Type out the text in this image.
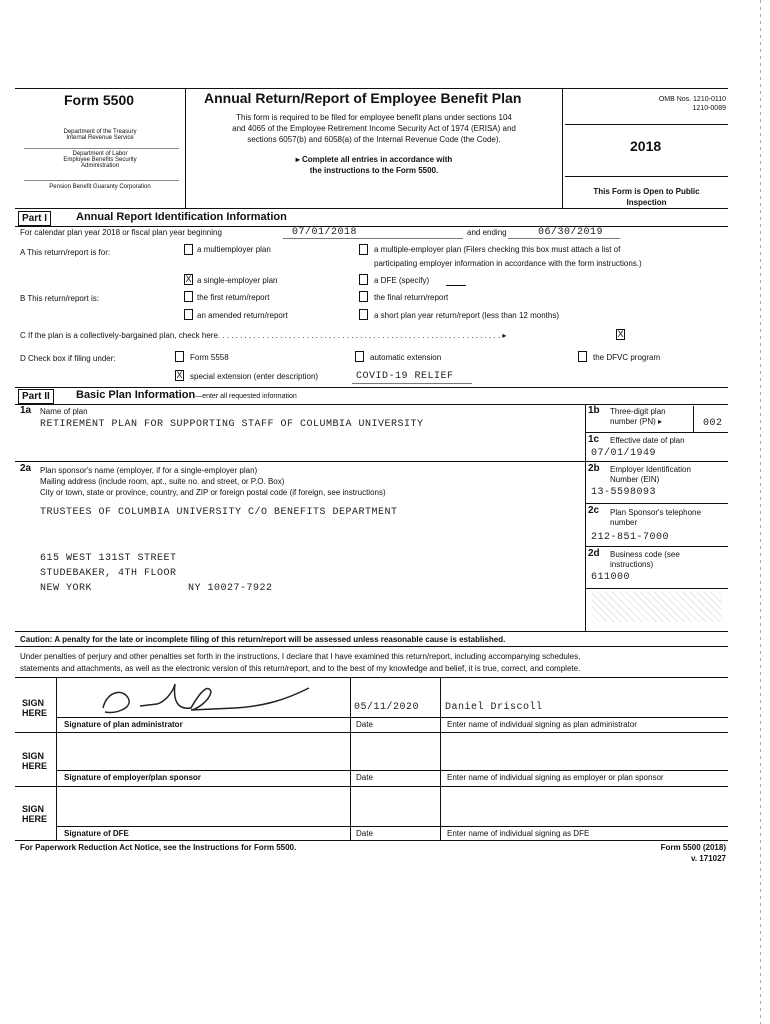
Form 5500
Department of the Treasury
Internal Revenue Service
Department of Labor
Employee Benefits Security
Administration
Pension Benefit Guaranty Corporation
Annual Return/Report of Employee Benefit Plan
This form is required to be filed for employee benefit plans under sections 104
and 4065 of the Employee Retirement Income Security Act of 1974 (ERISA) and
sections 6057(b) and 6058(a) of the Internal Revenue Code (the Code).
▸ Complete all entries in accordance with
the instructions to the Form 5500.
OMB Nos. 1210-0110
1210-0089
2018
This Form is Open to Public
Inspection
Part I	Annual Report Identification Information
For calendar plan year 2018 or fiscal plan year beginning	07/01/2018	and ending	06/30/2019
A This return/report is for:	a multiemployer plan	a multiple-employer plan (Filers checking this box must attach a list of
participating employer information in accordance with the form instructions.)
X a single-employer plan	a DFE (specify)
B This return/report is:	the first return/report	the final return/report
an amended return/report	a short plan year return/report (less than 12 months)
C If the plan is a collectively-bargained plan, check here. . . . . . . . . . . . . . . . . . . . . . . . . . . . . . . . . . . . . . . . . . . . . . . . . . . . . . . . . . . . . . . . ▸	X
D Check box if filing under:	Form 5558	automatic extension	the DFVC program
X special extension (enter description)	COVID-19 RELIEF
Part II	Basic Plan Information—enter all requested information
1a Name of plan
RETIREMENT PLAN FOR SUPPORTING STAFF OF COLUMBIA UNIVERSITY
1b Three-digit plan
number (PN) ▸	002
1c Effective date of plan
07/01/1949
2a Plan sponsor's name (employer, if for a single-employer plan)
Mailing address (include room, apt., suite no. and street, or P.O. Box)
City or town, state or province, country, and ZIP or foreign postal code (if foreign, see instructions)
TRUSTEES OF COLUMBIA UNIVERSITY C/O BENEFITS DEPARTMENT
615 WEST 131ST STREET
STUDEBAKER, 4TH FLOOR
NEW YORK	NY 10027-7922
2b Employer Identification
Number (EIN)
13-5598093
2c Plan Sponsor's telephone
number
212-851-7000
2d Business code (see
instructions)
611000
Caution: A penalty for the late or incomplete filing of this return/report will be assessed unless reasonable cause is established.
Under penalties of perjury and other penalties set forth in the instructions, I declare that I have examined this return/report, including accompanying schedules,
statements and attachments, as well as the electronic version of this return/report, and to the best of my knowledge and belief, it is true, correct, and complete.
SIGN
HERE	05/11/2020	Daniel Driscoll
Signature of plan administrator	Date	Enter name of individual signing as plan administrator
SIGN
HERE
Signature of employer/plan sponsor	Date	Enter name of individual signing as employer or plan sponsor
SIGN
HERE
Signature of DFE	Date	Enter name of individual signing as DFE
For Paperwork Reduction Act Notice, see the Instructions for Form 5500.	Form 5500 (2018)
v. 171027
